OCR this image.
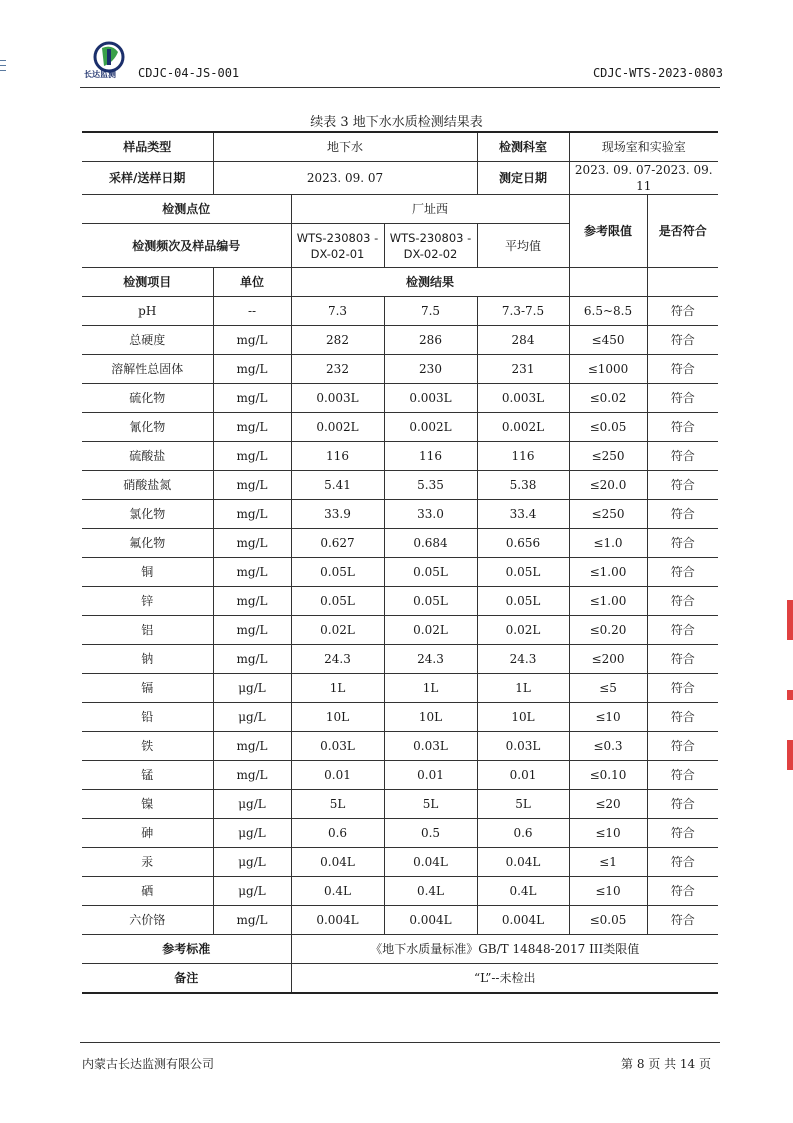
长达监测 CDJC-04-JS-001	CDJC-WTS-2023-0803
续表 3 地下水水质检测结果表
样品类型	地下水			检测科室	现场室和实验室	
采样/送样日期	2023. 09. 07			测定日期	2023. 09. 07-2023. 09. 11	
检测点位		厂址西			参考限值	是否符合
检测频次及样品编号		WTS-230803 -DX-02-01	WTS-230803 -DX-02-02	平均值		
检测项目	单位	检测结果				
pH	--	7.3	7.5	7.3-7.5	6.5~8.5	符合
总硬度	mg/L	282	286	284	≤450	符合
溶解性总固体	mg/L	232	230	231	≤1000	符合
硫化物	mg/L	0.003L	0.003L	0.003L	≤0.02	符合
氰化物	mg/L	0.002L	0.002L	0.002L	≤0.05	符合
硫酸盐	mg/L	116	116	116	≤250	符合
硝酸盐氮	mg/L	5.41	5.35	5.38	≤20.0	符合
氯化物	mg/L	33.9	33.0	33.4	≤250	符合
氟化物	mg/L	0.627	0.684	0.656	≤1.0	符合
铜	mg/L	0.05L	0.05L	0.05L	≤1.00	符合
锌	mg/L	0.05L	0.05L	0.05L	≤1.00	符合
铝	mg/L	0.02L	0.02L	0.02L	≤0.20	符合
钠	mg/L	24.3	24.3	24.3	≤200	符合
镉	μg/L	1L	1L	1L	≤5	符合
铅	μg/L	10L	10L	10L	≤10	符合
铁	mg/L	0.03L	0.03L	0.03L	≤0.3	符合
锰	mg/L	0.01	0.01	0.01	≤0.10	符合
镍	μg/L	5L	5L	5L	≤20	符合
砷	μg/L	0.6	0.5	0.6	≤10	符合
汞	μg/L	0.04L	0.04L	0.04L	≤1	符合
硒	μg/L	0.4L	0.4L	0.4L	≤10	符合
六价铬	mg/L	0.004L	0.004L	0.004L	≤0.05	符合
参考标准		《地下水质量标准》GB/T 14848-2017 III类限值				
备注		“L”--未检出				
内蒙古长达监测有限公司	第 8 页 共 14 页
